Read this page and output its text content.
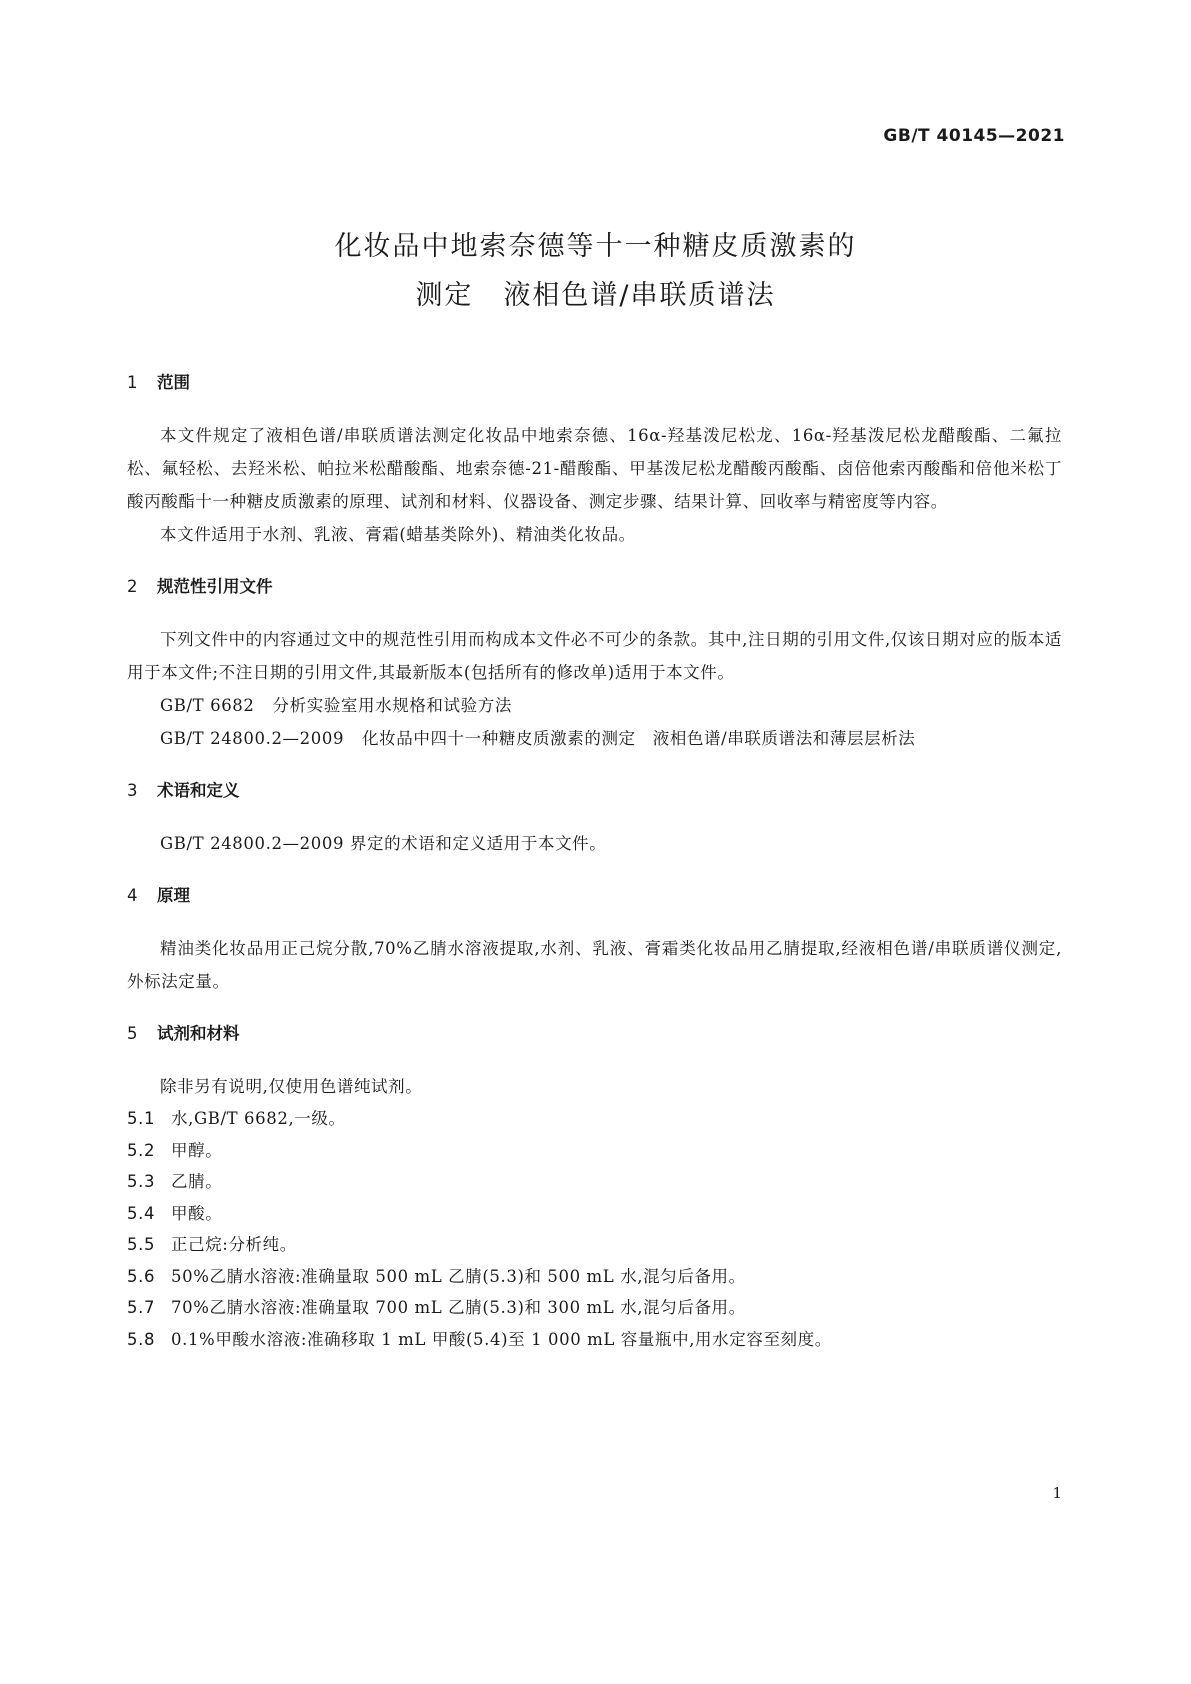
GB/T 40145—2021
化妆品中地索奈德等十一种糖皮质激素的
测定 液相色谱/串联质谱法
1 范围

本文件规定了液相色谱/串联质谱法测定化妆品中地索奈德、16α-羟基泼尼松龙、16α-羟基泼尼松龙醋酸酯、二氟拉松、氟轻松、去羟米松、帕拉米松醋酸酯、地索奈德-21-醋酸酯、甲基泼尼松龙醋酸丙酸酯、卤倍他索丙酸酯和倍他米松丁酸丙酸酯十一种糖皮质激素的原理、试剂和材料、仪器设备、测定步骤、结果计算、回收率与精密度等内容。

本文件适用于水剂、乳液、膏霜(蜡基类除外)、精油类化妆品。

2 规范性引用文件

下列文件中的内容通过文中的规范性引用而构成本文件必不可少的条款。其中,注日期的引用文件,仅该日期对应的版本适用于本文件;不注日期的引用文件,其最新版本(包括所有的修改单)适用于本文件。

GB/T 6682 分析实验室用水规格和试验方法

GB/T 24800.2—2009 化妆品中四十一种糖皮质激素的测定　液相色谱/串联质谱法和薄层层析法

3 术语和定义

GB/T 24800.2—2009 界定的术语和定义适用于本文件。

4 原理

精油类化妆品用正己烷分散,70%乙腈水溶液提取,水剂、乳液、膏霜类化妆品用乙腈提取,经液相色谱/串联质谱仪测定,外标法定量。

5 试剂和材料

除非另有说明,仅使用色谱纯试剂。

5.1 水,GB/T 6682,一级。

5.2 甲醇。

5.3 乙腈。

5.4 甲酸。

5.5 正己烷:分析纯。

5.6 50%乙腈水溶液:准确量取 500 mL 乙腈(5.3)和 500 mL 水,混匀后备用。

5.7 70%乙腈水溶液:准确量取 700 mL 乙腈(5.3)和 300 mL 水,混匀后备用。

5.8 0.1%甲酸水溶液:准确移取 1 mL 甲酸(5.4)至 1 000 mL 容量瓶中,用水定容至刻度。

1
